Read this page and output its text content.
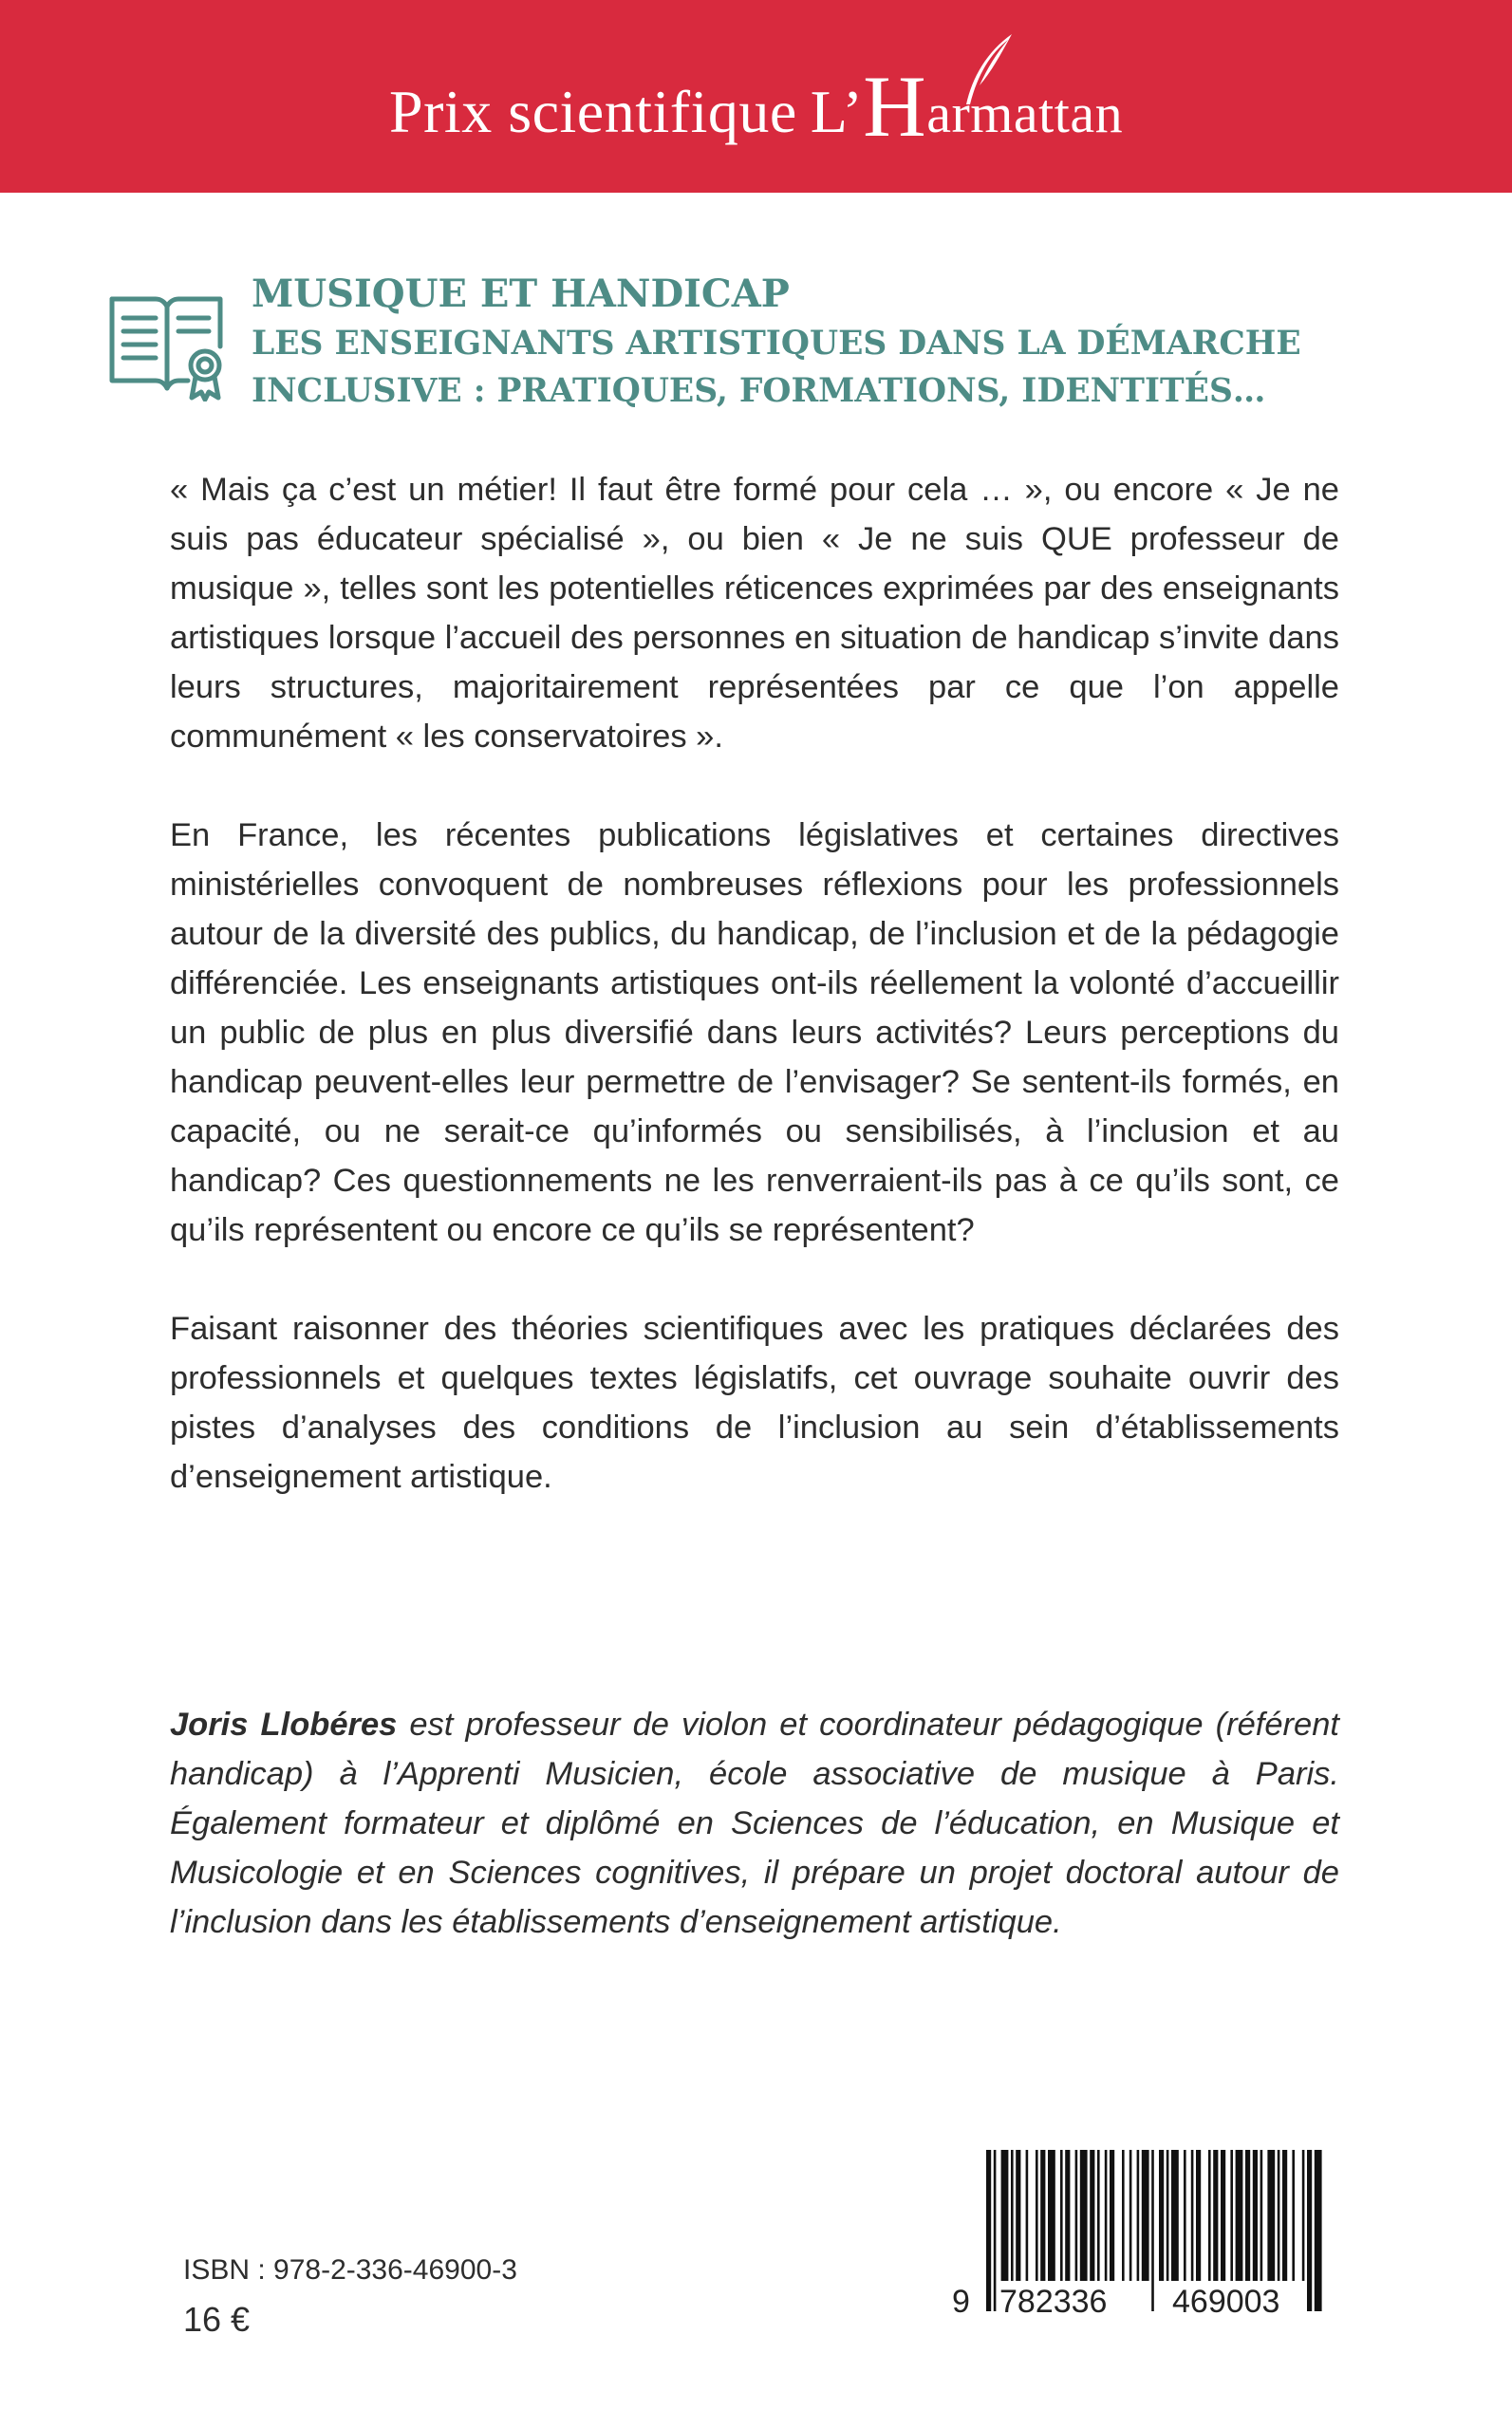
Prix scientifique L’Harmattan
MUSIQUE ET HANDICAP
LES ENSEIGNANTS ARTISTIQUES DANS LA DÉMARCHE
INCLUSIVE : PRATIQUES, FORMATIONS, IDENTITÉS…

« Mais ça c’est un métier! Il faut être formé pour cela … », ou encore « Je ne suis pas éducateur spécialisé », ou bien « Je ne suis QUE professeur de musique », telles sont les potentielles réticences exprimées par des enseignants artistiques lorsque l’accueil des personnes en situation de handicap s’invite dans leurs structures, majoritairement représentées par ce que l’on appelle communément « les conservatoires ».

En France, les récentes publications législatives et certaines directives ministérielles convoquent de nombreuses réflexions pour les professionnels autour de la diversité des publics, du handicap, de l’inclusion et de la pédagogie différenciée. Les enseignants artistiques ont-ils réellement la volonté d’accueillir un public de plus en plus diversifié dans leurs activités? Leurs perceptions du handicap peuvent-elles leur permettre de l’envisager? Se sentent-ils formés, en capacité, ou ne serait-ce qu’informés ou sensibilisés, à l’inclusion et au handicap? Ces questionnements ne les renverraient-ils pas à ce qu’ils sont, ce qu’ils représentent ou encore ce qu’ils se représentent?

Faisant raisonner des théories scientifiques avec les pratiques déclarées des professionnels et quelques textes législatifs, cet ouvrage souhaite ouvrir des pistes d’analyses des conditions de l’inclusion au sein d’établissements d’enseignement artistique.

Joris Llobéres est professeur de violon et coordinateur pédagogique (référent handicap) à l’Apprenti Musicien, école associative de musique à Paris. Également formateur et diplômé en Sciences de l’éducation, en Musique et Musicologie et en Sciences cognitives, il prépare un projet doctoral autour de l’inclusion dans les établissements d’enseignement artistique.
ISBN : 978-2-336-46900-3
16 €	9 782336 469003
